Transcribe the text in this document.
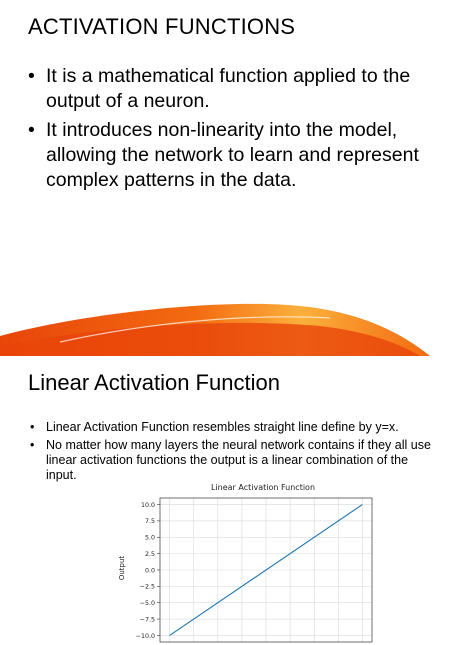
ACTIVATION FUNCTIONS
• It is a mathematical function applied to the output of a neuron.
• It introduces non-linearity into the model, allowing the network to learn and represent complex patterns in the data.
Linear Activation Function
• Linear Activation Function resembles straight line define by y=x.
• No matter how many layers the neural network contains if they all use linear activation functions the output is a linear combination of the input.
Linear Activation Function
Output
10.0
7.5
5.0
2.5
0.0
−2.5
−5.0
−7.5
−10.0
